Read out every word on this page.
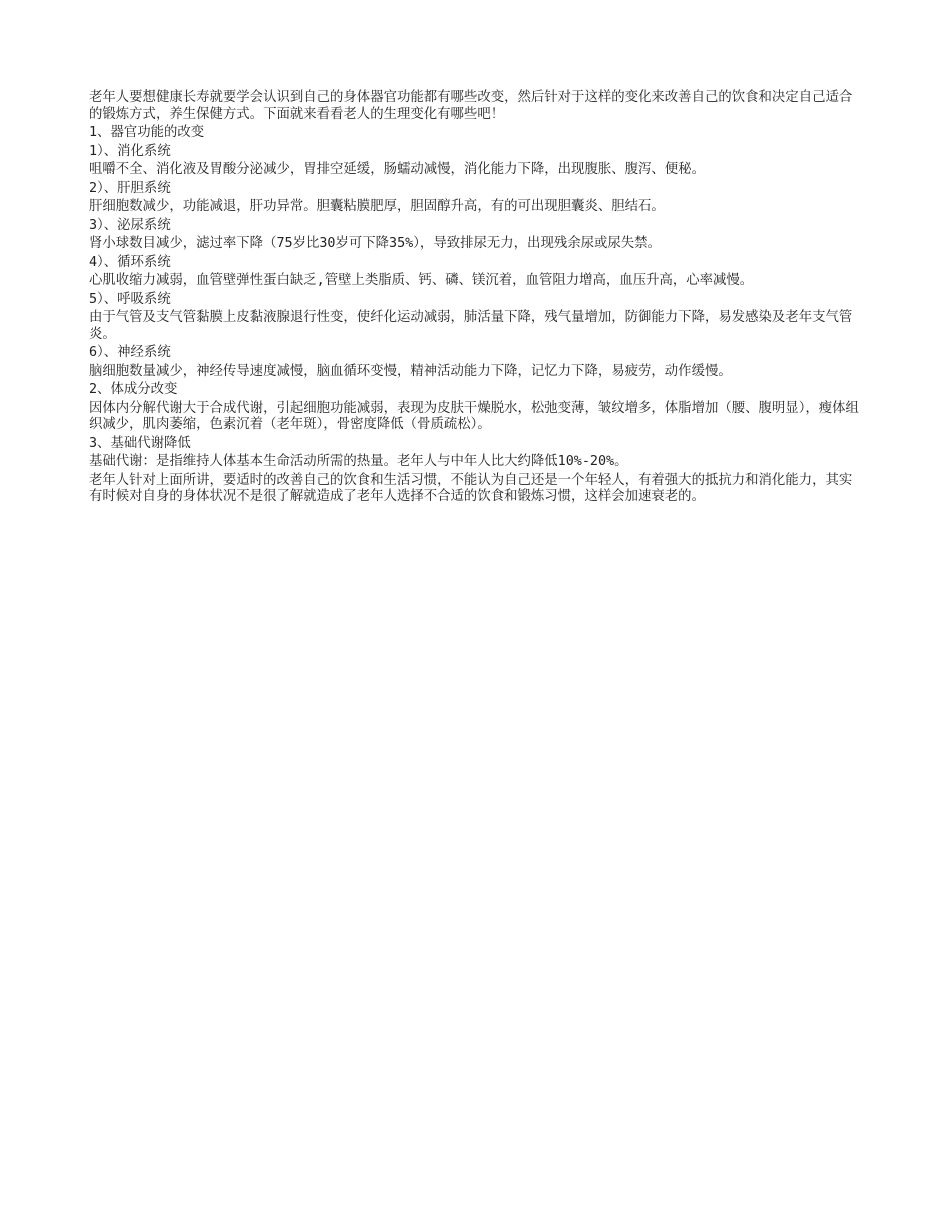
老年人要想健康长寿就要学会认识到自己的身体器官功能都有哪些改变，然后针对于这样的变化来改善自己的饮食和决定自己适合的锻炼方式，养生保健方式。下面就来看看老人的生理变化有哪些吧！

1、器官功能的改变

1）、消化系统

咀嚼不全、消化液及胃酸分泌减少，胃排空延缓，肠蠕动减慢，消化能力下降，出现腹胀、腹泻、便秘。

2）、肝胆系统

肝细胞数减少，功能减退，肝功异常。胆囊粘膜肥厚，胆固醇升高，有的可出现胆囊炎、胆结石。

3）、泌尿系统

肾小球数目减少，滤过率下降（75岁比30岁可下降35%），导致排尿无力，出现残余尿或尿失禁。

4）、循环系统

心肌收缩力减弱，血管壁弹性蛋白缺乏,管壁上类脂质、钙、磷、镁沉着，血管阻力增高，血压升高，心率减慢。

5）、呼吸系统

由于气管及支气管黏膜上皮黏液腺退行性变，使纤化运动减弱，肺活量下降，残气量增加，防御能力下降，易发感染及老年支气管炎。

6）、神经系统

脑细胞数量减少，神经传导速度减慢，脑血循环变慢，精神活动能力下降，记忆力下降，易疲劳，动作缓慢。

2、体成分改变

因体内分解代谢大于合成代谢，引起细胞功能减弱，表现为皮肤干燥脱水，松弛变薄，皱纹增多，体脂增加（腰、腹明显），瘦体组织减少，肌肉萎缩，色素沉着（老年斑），骨密度降低（骨质疏松）。

3、基础代谢降低

基础代谢：是指维持人体基本生命活动所需的热量。老年人与中年人比大约降低10%-20%。

老年人针对上面所讲，要适时的改善自己的饮食和生活习惯，不能认为自己还是一个年轻人，有着强大的抵抗力和消化能力，其实有时候对自身的身体状况不是很了解就造成了老年人选择不合适的饮食和锻炼习惯，这样会加速衰老的。
